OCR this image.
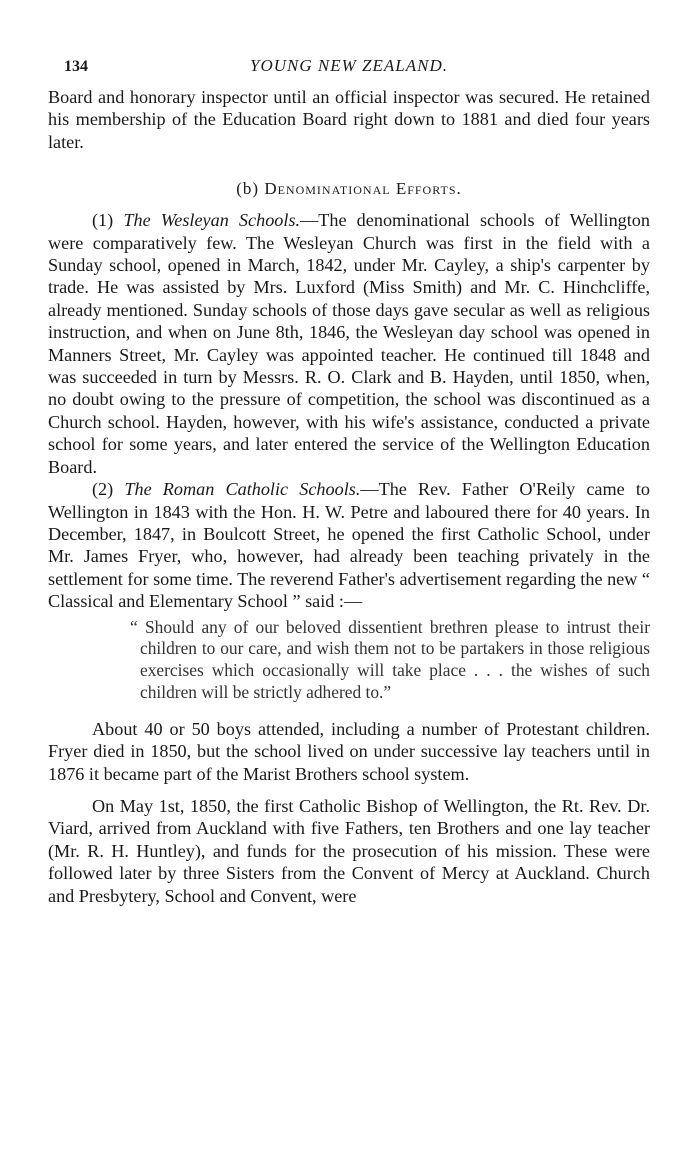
134	YOUNG NEW ZEALAND.

Board and honorary inspector until an official inspector was secured. He retained his membership of the Education Board right down to 1881 and died four years later.

(b) Denominational Efforts.

(1) The Wesleyan Schools.—The denominational schools of Wellington were comparatively few. The Wesleyan Church was first in the field with a Sunday school, opened in March, 1842, under Mr. Cayley, a ship's carpenter by trade. He was assisted by Mrs. Luxford (Miss Smith) and Mr. C. Hinchcliffe, already mentioned. Sunday schools of those days gave secular as well as religious instruction, and when on June 8th, 1846, the Wesleyan day school was opened in Manners Street, Mr. Cayley was appointed teacher. He continued till 1848 and was succeeded in turn by Messrs. R. O. Clark and B. Hayden, until 1850, when, no doubt owing to the pressure of competition, the school was discontinued as a Church school. Hayden, however, with his wife's assistance, conducted a private school for some years, and later entered the service of the Wellington Education Board.

(2) The Roman Catholic Schools.—The Rev. Father O'Reily came to Wellington in 1843 with the Hon. H. W. Petre and laboured there for 40 years. In December, 1847, in Boulcott Street, he opened the first Catholic School, under Mr. James Fryer, who, however, had already been teaching privately in the settlement for some time. The reverend Father's advertisement regarding the new “ Classical and Elementary School ” said :—

“ Should any of our beloved dissentient brethren please to intrust their children to our care, and wish them not to be partakers in those religious exercises which occasionally will take place . . . the wishes of such children will be strictly adhered to.”

About 40 or 50 boys attended, including a number of Protestant children. Fryer died in 1850, but the school lived on under successive lay teachers until in 1876 it became part of the Marist Brothers school system.

On May 1st, 1850, the first Catholic Bishop of Wellington, the Rt. Rev. Dr. Viard, arrived from Auckland with five Fathers, ten Brothers and one lay teacher (Mr. R. H. Huntley), and funds for the prosecution of his mission. These were followed later by three Sisters from the Convent of Mercy at Auckland. Church and Presbytery, School and Convent, were
